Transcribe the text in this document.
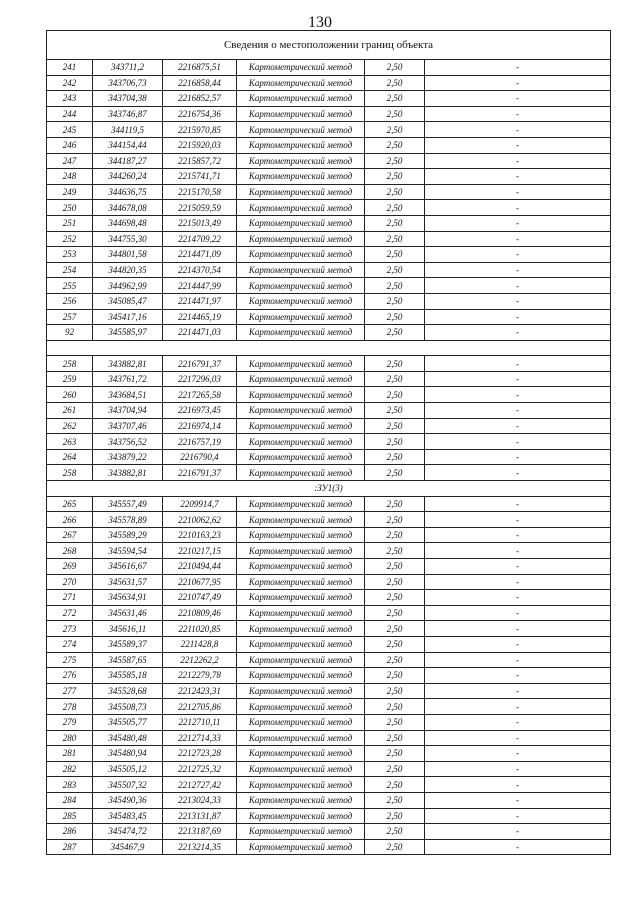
130
Сведения о местоположении границ объекта					
241	343711,2	2216875,51	Картометрический метод	2,50	-
242	343706,73	2216858,44	Картометрический метод	2,50	-
243	343704,38	2216852,57	Картометрический метод	2,50	-
244	343746,87	2216754,36	Картометрический метод	2,50	-
245	344119,5	2215970,85	Картометрический метод	2,50	-
246	344154,44	2215920,03	Картометрический метод	2,50	-
247	344187,27	2215857,72	Картометрический метод	2,50	-
248	344260,24	2215741,71	Картометрический метод	2,50	-
249	344636,75	2215170,58	Картометрический метод	2,50	-
250	344678,08	2215059,59	Картометрический метод	2,50	-
251	344698,48	2215013,49	Картометрический метод	2,50	-
252	344755,30	2214709,22	Картометрический метод	2,50	-
253	344801,58	2214471,09	Картометрический метод	2,50	-
254	344820,35	2214370,54	Картометрический метод	2,50	-
255	344962,99	2214447,99	Картометрический метод	2,50	-
256	345085,47	2214471,97	Картометрический метод	2,50	-
257	345417,16	2214465,19	Картометрический метод	2,50	-
92	345585,97	2214471,03	Картометрический метод	2,50	-

258	343882,81	2216791,37	Картометрический метод	2,50	-
259	343761,72	2217296,03	Картометрический метод	2,50	-
260	343684,51	2217265,58	Картометрический метод	2,50	-
261	343704,94	2216973,45	Картометрический метод	2,50	-
262	343707,46	2216974,14	Картометрический метод	2,50	-
263	343756,52	2216757,19	Картометрический метод	2,50	-
264	343879,22	2216790,4	Картометрический метод	2,50	-
258	343882,81	2216791,37	Картометрический метод	2,50	-
:ЗУ1(3)					
265	345557,49	2209914,7	Картометрический метод	2,50	-
266	345578,89	2210062,62	Картометрический метод	2,50	-
267	345589,29	2210163,23	Картометрический метод	2,50	-
268	345594,54	2210217,15	Картометрический метод	2,50	-
269	345616,67	2210494,44	Картометрический метод	2,50	-
270	345631,57	2210677,95	Картометрический метод	2,50	-
271	345634,91	2210747,49	Картометрический метод	2,50	-
272	345631,46	2210809,46	Картометрический метод	2,50	-
273	345616,11	2211020,85	Картометрический метод	2,50	-
274	345589,37	2211428,8	Картометрический метод	2,50	-
275	345587,65	2212262,2	Картометрический метод	2,50	-
276	345585,18	2212279,78	Картометрический метод	2,50	-
277	345528,68	2212423,31	Картометрический метод	2,50	-
278	345508,73	2212705,86	Картометрический метод	2,50	-
279	345505,77	2212710,11	Картометрический метод	2,50	-
280	345480,48	2212714,33	Картометрический метод	2,50	-
281	345480,94	2212723,28	Картометрический метод	2,50	-
282	345505,12	2212725,32	Картометрический метод	2,50	-
283	345507,32	2212727,42	Картометрический метод	2,50	-
284	345490,36	2213024,33	Картометрический метод	2,50	-
285	345483,45	2213131,87	Картометрический метод	2,50	-
286	345474,72	2213187,69	Картометрический метод	2,50	-
287	345467,9	2213214,35	Картометрический метод	2,50	-
